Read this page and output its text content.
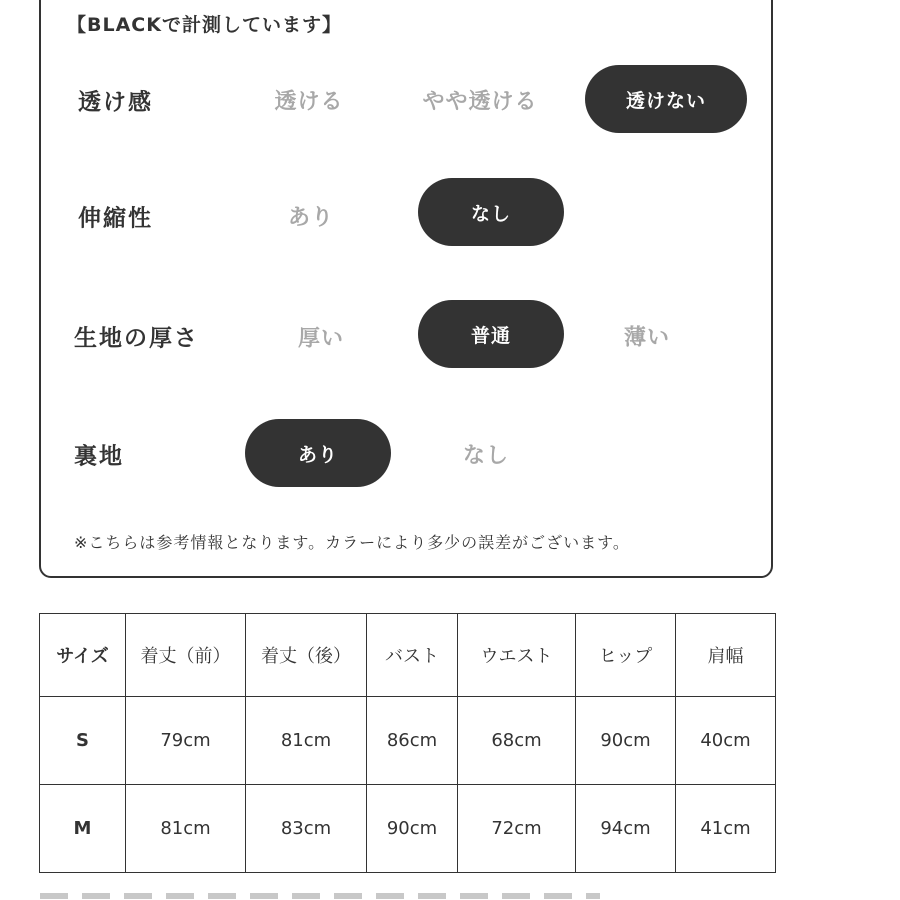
【BLACKで計測しています】
透け感	透ける	やや透ける	透けない
伸縮性	あり	なし
生地の厚さ	厚い	普通	薄い
裏地	あり	なし
※こちらは参考情報となります。カラーにより多少の誤差がございます。
サイズ	着丈（前）	着丈（後）	バスト	ウエスト	ヒップ	肩幅
S	79cm	81cm	86cm	68cm	90cm	40cm
M	81cm	83cm	90cm	72cm	94cm	41cm
